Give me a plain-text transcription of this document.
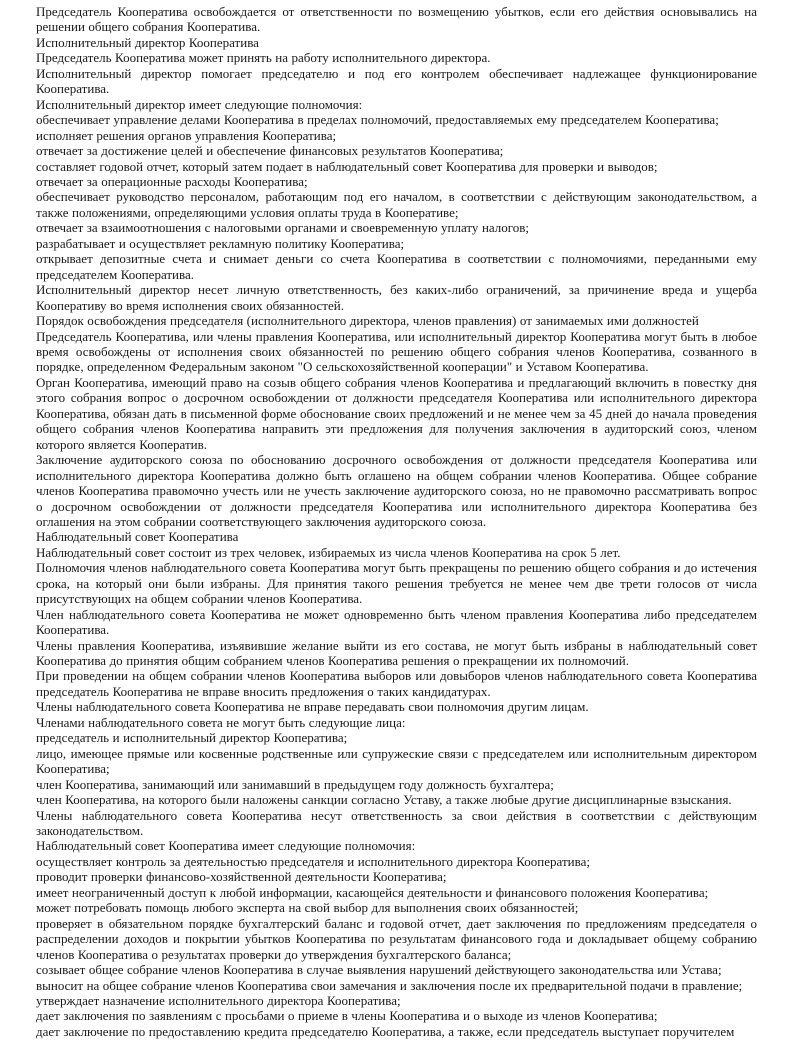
Председатель Кооператива освобождается от ответственности по возмещению убытков, если его действия основывались на решении общего собрания Кооператива.

Исполнительный директор Кооператива

Председатель Кооператива может принять на работу исполнительного директора.

Исполнительный директор помогает председателю и под его контролем обеспечивает надлежащее функционирование Кооператива.

Исполнительный директор имеет следующие полномочия:

обеспечивает управление делами Кооператива в пределах полномочий, предоставляемых ему председателем Кооператива;

исполняет решения органов управления Кооператива;

отвечает за достижение целей и обеспечение финансовых результатов Кооператива;

составляет годовой отчет, который затем подает в наблюдательный совет Кооператива для проверки и выводов;

отвечает за операционные расходы Кооператива;

обеспечивает руководство персоналом, работающим под его началом, в соответствии с действующим законодательством, а также положениями, определяющими условия оплаты труда в Кооперативе;

отвечает за взаимоотношения с налоговыми органами и своевременную уплату налогов;

разрабатывает и осуществляет рекламную политику Кооператива;

открывает депозитные счета и снимает деньги со счета Кооператива в соответствии с полномочиями, переданными ему председателем Кооператива.

Исполнительный директор несет личную ответственность, без каких-либо ограничений, за причинение вреда и ущерба Кооперативу во время исполнения своих обязанностей.

Порядок освобождения председателя (исполнительного директора, членов правления) от занимаемых ими должностей

Председатель Кооператива, или члены правления Кооператива, или исполнительный директор Кооператива могут быть в любое время освобождены от исполнения своих обязанностей по решению общего собрания членов Кооператива, созванного в порядке, определенном Федеральным законом "О сельскохозяйственной кооперации" и Уставом Кооператива.

Орган Кооператива, имеющий право на созыв общего собрания членов Кооператива и предлагающий включить в повестку дня этого собрания вопрос о досрочном освобождении от должности председателя Кооператива или исполнительного директора Кооператива, обязан дать в письменной форме обоснование своих предложений и не менее чем за 45 дней до начала проведения общего собрания членов Кооператива направить эти предложения для получения заключения в аудиторский союз, членом которого является Кооператив.

Заключение аудиторского союза по обоснованию досрочного освобождения от должности председателя Кооператива или исполнительного директора Кооператива должно быть оглашено на общем собрании членов Кооператива. Общее собрание членов Кооператива правомочно учесть или не учесть заключение аудиторского союза, но не правомочно рассматривать вопрос о досрочном освобождении от должности председателя Кооператива или исполнительного директора Кооператива без оглашения на этом собрании соответствующего заключения аудиторского союза.

Наблюдательный совет Кооператива

Наблюдательный совет состоит из трех человек, избираемых из числа членов Кооператива на срок 5 лет.

Полномочия членов наблюдательного совета Кооператива могут быть прекращены по решению общего собрания и до истечения срока, на который они были избраны. Для принятия такого решения требуется не менее чем две трети голосов от числа присутствующих на общем собрании членов Кооператива.

Член наблюдательного совета Кооператива не может одновременно быть членом правления Кооператива либо председателем Кооператива.

Члены правления Кооператива, изъявившие желание выйти из его состава, не могут быть избраны в наблюдательный совет Кооператива до принятия общим собранием членов Кооператива решения о прекращении их полномочий.

При проведении на общем собрании членов Кооператива выборов или довыборов членов наблюдательного совета Кооператива председатель Кооператива не вправе вносить предложения о таких кандидатурах.

Члены наблюдательного совета Кооператива не вправе передавать свои полномочия другим лицам.

Членами наблюдательного совета не могут быть следующие лица:

председатель и исполнительный директор Кооператива;

лицо, имеющее прямые или косвенные родственные или супружеские связи с председателем или исполнительным директором Кооператива;

член Кооператива, занимающий или занимавший в предыдущем году должность бухгалтера;

член Кооператива, на которого были наложены санкции согласно Уставу, а также любые другие дисциплинарные взыскания.

Члены наблюдательного совета Кооператива несут ответственность за свои действия в соответствии с действующим законодательством.

Наблюдательный совет Кооператива имеет следующие полномочия:

осуществляет контроль за деятельностью председателя и исполнительного директора Кооператива;

проводит проверки финансово-хозяйственной деятельности Кооператива;

имеет неограниченный доступ к любой информации, касающейся деятельности и финансового положения Кооператива;

может потребовать помощь любого эксперта на свой выбор для выполнения своих обязанностей;

проверяет в обязательном порядке бухгалтерский баланс и годовой отчет, дает заключения по предложениям председателя о распределении доходов и покрытии убытков Кооператива по результатам финансового года и докладывает общему собранию членов Кооператива о результатах проверки до утверждения бухгалтерского баланса;

созывает общее собрание членов Кооператива в случае выявления нарушений действующего законодательства или Устава;

выносит на общее собрание членов Кооператива свои замечания и заключения после их предварительной подачи в правление;

утверждает назначение исполнительного директора Кооператива;

дает заключения по заявлениям с просьбами о приеме в члены Кооператива и о выходе из членов Кооператива;

дает заключение по предоставлению кредита председателю Кооператива, а также, если председатель выступает поручителем
